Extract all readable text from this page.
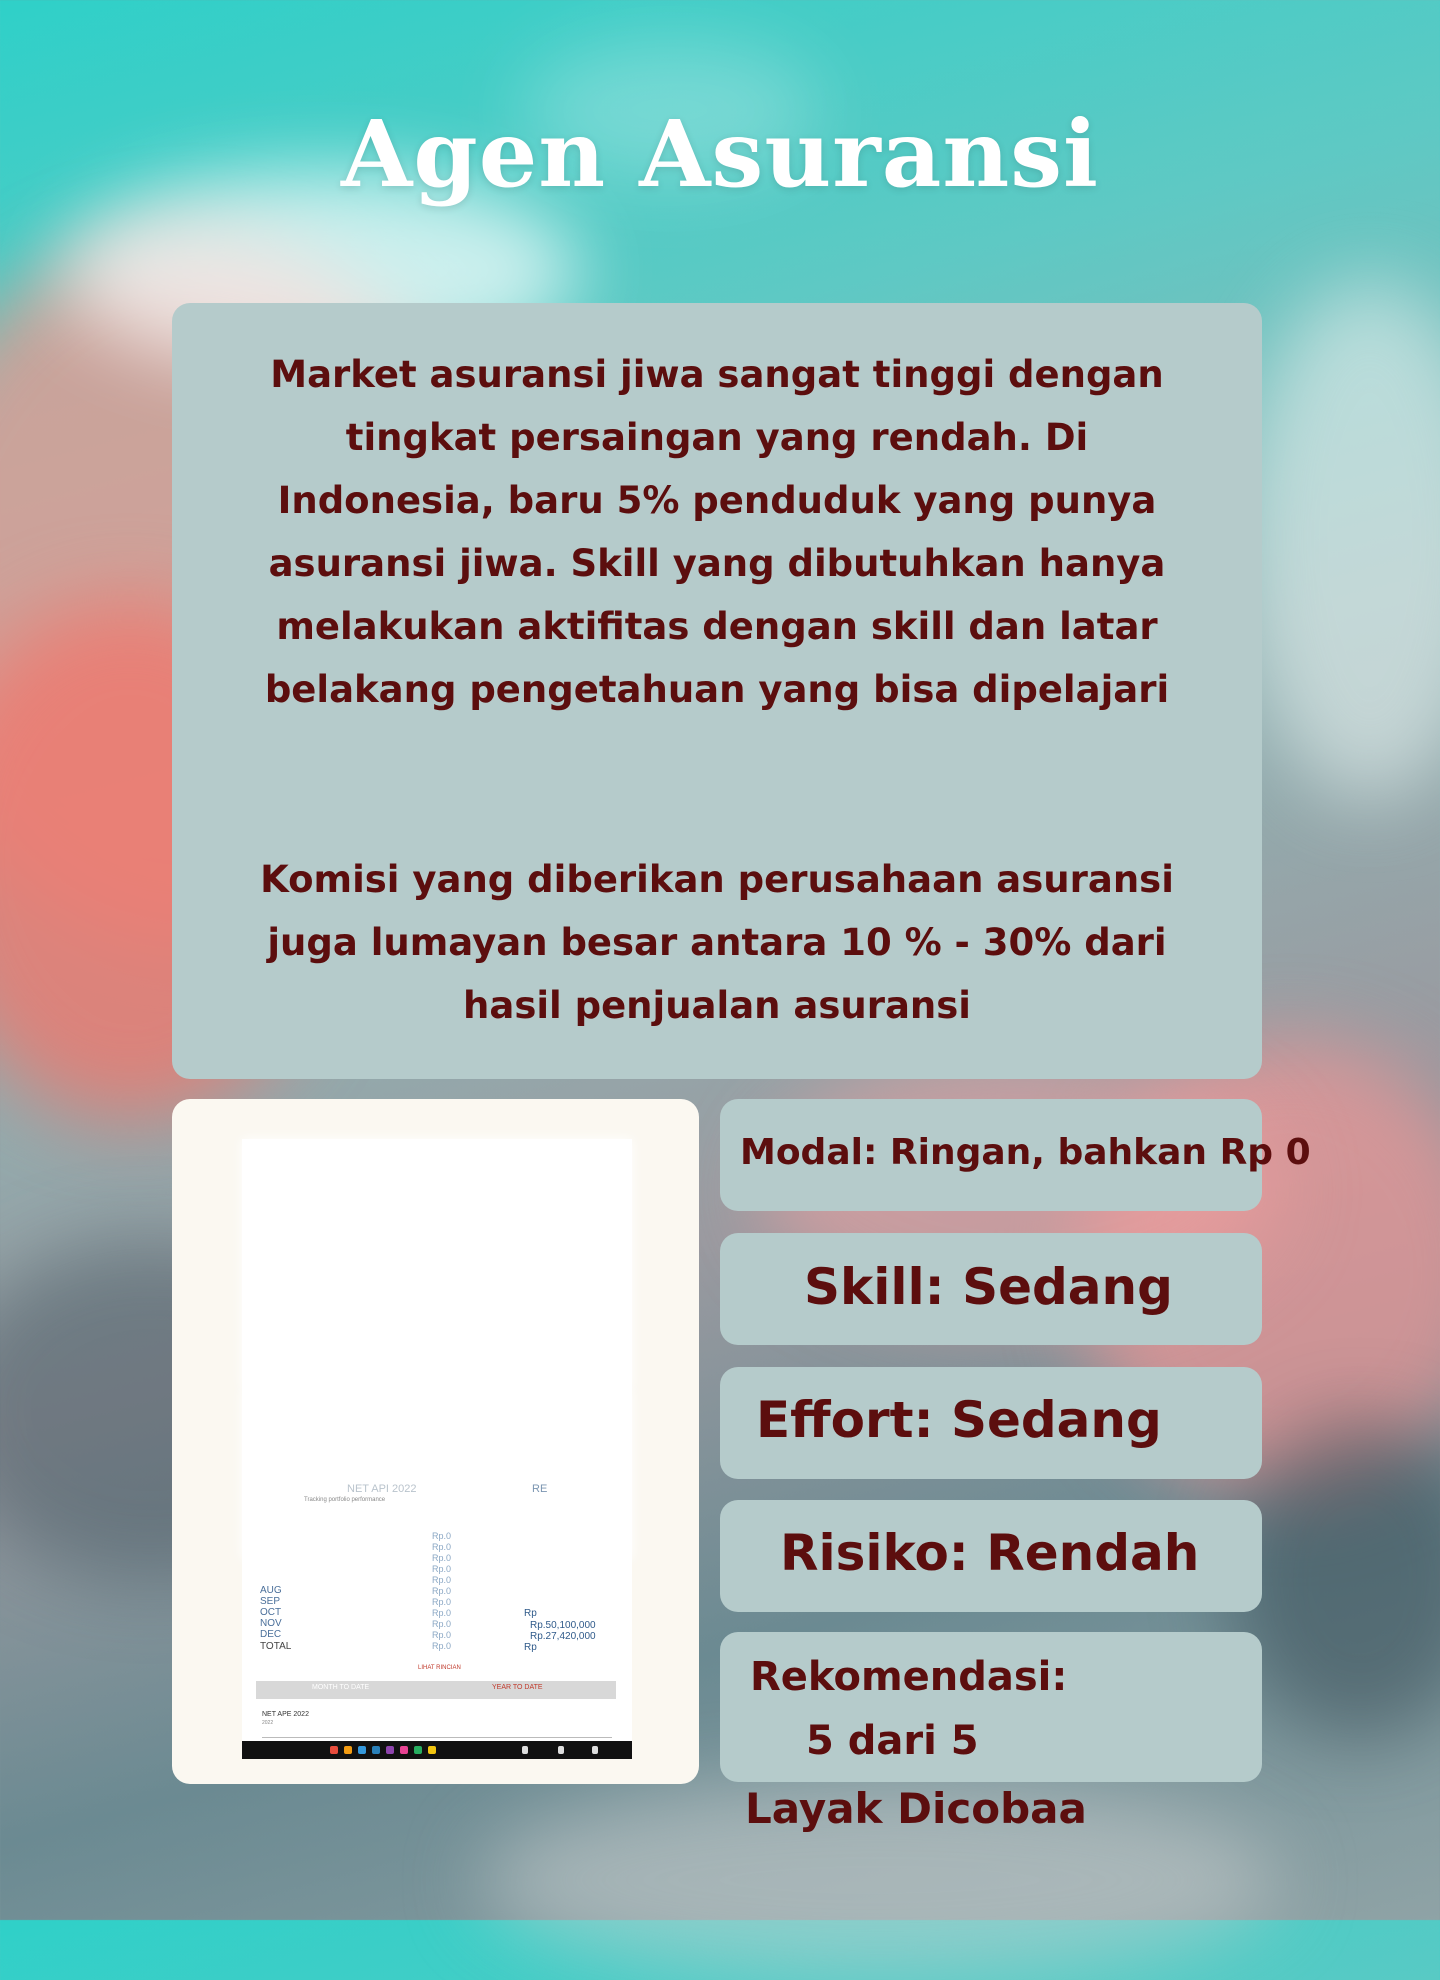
Agen Asuransi

Market asuransi jiwa sangat tinggi dengan tingkat persaingan yang rendah. Di Indonesia, baru 5% penduduk yang punya asuransi jiwa. Skill yang dibutuhkan hanya melakukan aktifitas dengan skill dan latar belakang pengetahuan yang bisa dipelajari

Komisi yang diberikan perusahaan asuransi juga lumayan besar antara 10 % - 30% dari hasil penjualan asuransi

NET API 2022	RE
Tracking portfolio performance
Rp.0
Rp.0
Rp.0
Rp.0
Rp.0
Rp.0
Rp.0
Rp.0
Rp.0
Rp.0
Rp.0
AUG
SEP
OCT
NOV
DEC
TOTAL
Rp
Rp.50,100,000
Rp.27,420,000
Rp
LIHAT RINCIAN
MONTH TO DATE	YEAR TO DATE
NET APE 2022
2022
Modal: Ringan, bahkan Rp 0
Skill: Sedang
Effort: Sedang
Risiko: Rendah
Rekomendasi:
5 dari 5
Layak Dicobaa
